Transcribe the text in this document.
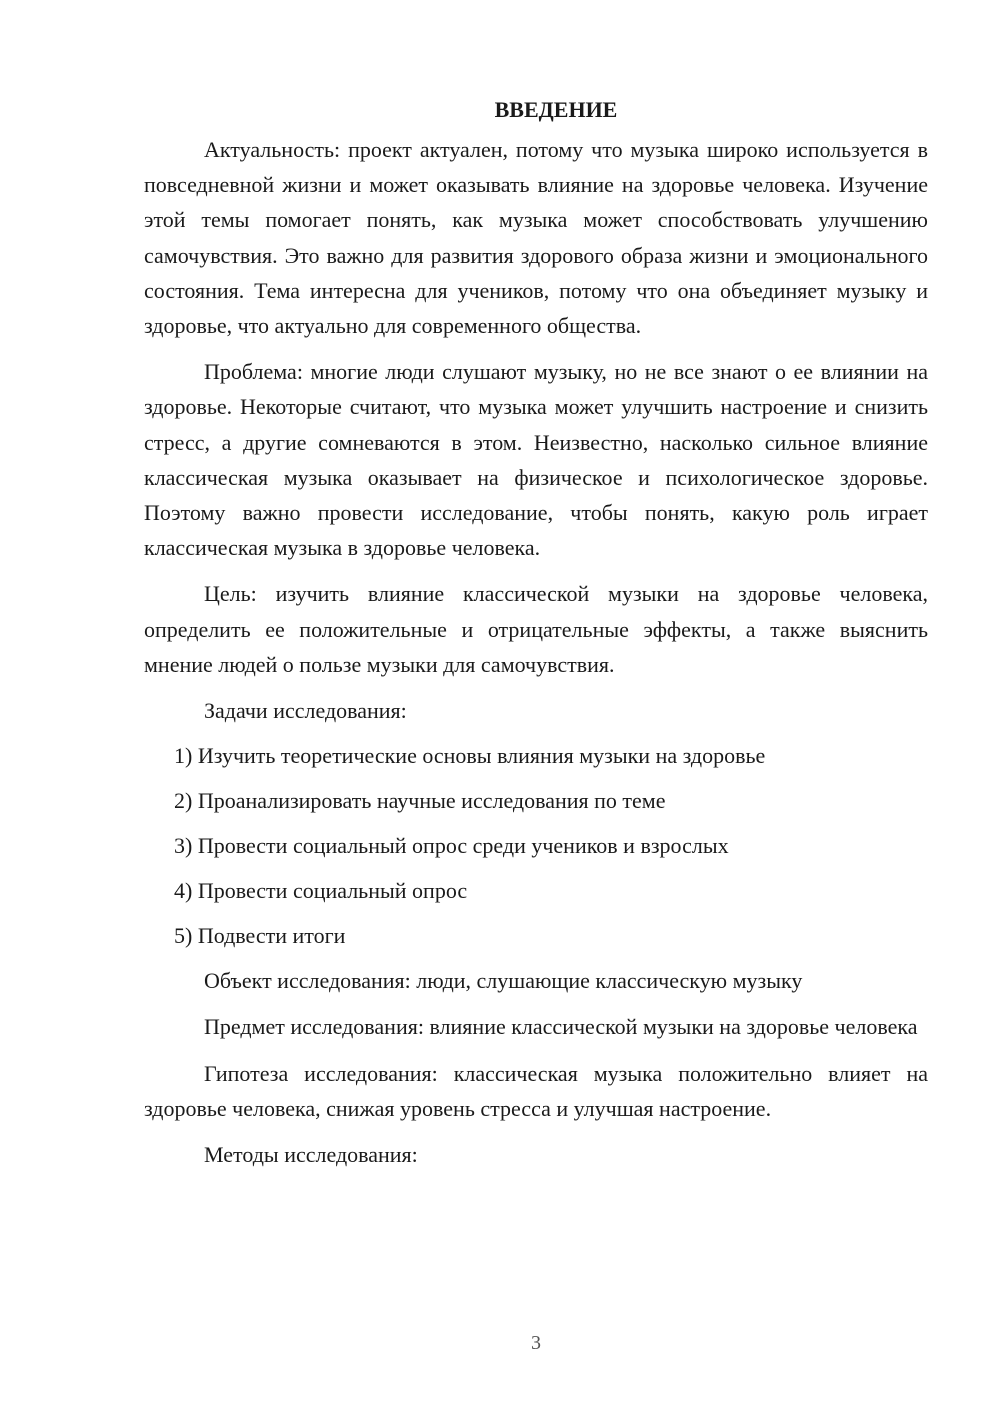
ВВЕДЕНИЕ

Актуальность: проект актуален, потому что музыка широко используется в повседневной жизни и может оказывать влияние на здоровье человека. Изучение этой темы помогает понять, как музыка может способствовать улучшению самочувствия. Это важно для развития здорового образа жизни и эмоционального состояния. Тема интересна для учеников, потому что она объединяет музыку и здоровье, что актуально для современного общества.

Проблема: многие люди слушают музыку, но не все знают о ее влиянии на здоровье. Некоторые считают, что музыка может улучшить настроение и снизить стресс, а другие сомневаются в этом. Неизвестно, насколько сильное влияние классическая музыка оказывает на физическое и психологическое здоровье. Поэтому важно провести исследование, чтобы понять, какую роль играет классическая музыка в здоровье человека.

Цель: изучить влияние классической музыки на здоровье человека, определить ее положительные и отрицательные эффекты, а также выяснить мнение людей о пользе музыки для самочувствия.

Задачи исследования:

1) Изучить теоретические основы влияния музыки на здоровье

2) Проанализировать научные исследования по теме

3) Провести социальный опрос среди учеников и взрослых

4) Провести социальный опрос

5) Подвести итоги

Объект исследования: люди, слушающие классическую музыку

Предмет исследования: влияние классической музыки на здоровье человека

Гипотеза исследования: классическая музыка положительно влияет на здоровье человека, снижая уровень стресса и улучшая настроение.

Методы исследования:

3
